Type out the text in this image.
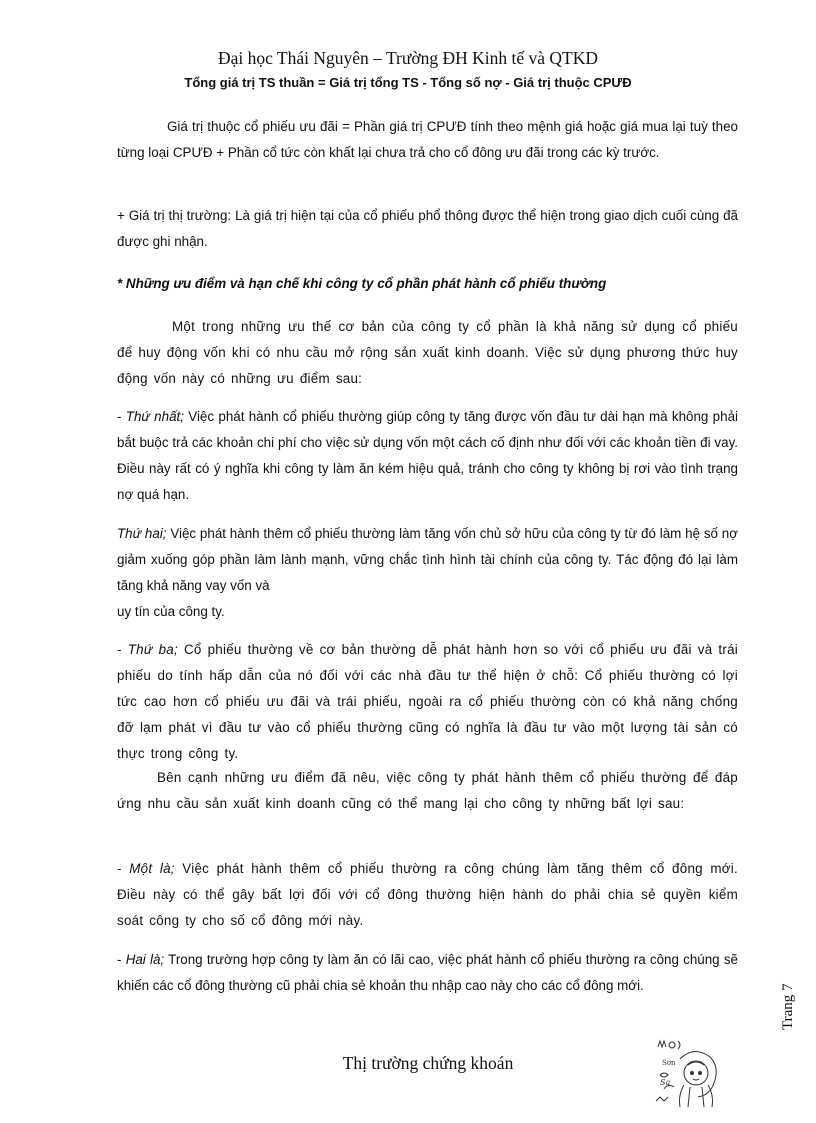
Đại học Thái Nguyên – Trường ĐH Kinh tế và QTKD
Tổng giá trị TS thuần = Giá trị tổng TS - Tổng số nợ - Giá trị thuộc CPƯĐ

Giá trị thuộc cổ phiếu ưu đãi = Phần giá trị CPƯĐ tính theo mệnh giá hoặc giá mua lại tuỳ theo từng loại CPƯĐ + Phần cổ tức còn khất lại chưa trả cho cổ đông ưu đãi trong các kỳ trước.

+ Giá trị thị trường: Là giá trị hiện tại của cổ phiếu phổ thông được thể hiện trong giao dịch cuối cùng đã được ghi nhận.

* Những ưu điểm và hạn chế khi công ty cổ phần phát hành cổ phiếu thường

Một trong những ưu thế cơ bản của công ty cổ phần là khả năng sử dụng cổ phiếu để huy động vốn khi có nhu cầu mở rộng sản xuất kinh doanh. Việc sử dụng phương thức huy động vốn này có những ưu điểm sau:

- Thứ nhất; Việc phát hành cổ phiếu thường giúp công ty tăng được vốn đầu tư dài hạn mà không phải bắt buộc trả các khoản chi phí cho việc sử dụng vốn một cách cố định như đối với các khoản tiền đi vay. Điều này rất có ý nghĩa khi công ty làm ăn kém hiệu quả, tránh cho công ty không bị rơi vào tình trạng nợ quá hạn.

Thứ hai; Việc phát hành thêm cổ phiếu thường làm tăng vốn chủ sở hữu của công ty từ đó làm hệ số nợ giảm xuống góp phần làm lành mạnh, vững chắc tình hình tài chính của công ty. Tác động đó lại làm tăng khả năng vay vốn và

uy tín của công ty.

- Thứ ba; Cổ phiếu thường về cơ bản thường dễ phát hành hơn so với cổ phiếu ưu đãi và trái phiếu do tính hấp dẫn của nó đối với các nhà đầu tư thể hiện ở chỗ: Cổ phiếu thường có lợi tức cao hơn cổ phiếu ưu đãi và trái phiếu, ngoài ra cổ phiếu thường còn có khả năng chống đỡ lạm phát vì đầu tư vào cổ phiếu thường cũng có nghĩa là đầu tư vào một lượng tài sản có thực trong công ty.

Bên cạnh những ưu điểm đã nêu, việc công ty phát hành thêm cổ phiếu thường để đáp ứng nhu cầu sản xuất kinh doanh cũng có thể mang lại cho công ty những bất lợi sau:

- Một là; Việc phát hành thêm cổ phiếu thường ra công chúng làm tăng thêm cổ đông mới. Điều này có thể gây bất lợi đối với cổ đông thường hiện hành do phải chia sẻ quyền kiểm soát công ty cho số cổ đông mới này.

- Hai là; Trong trường hợp công ty làm ăn có lãi cao, việc phát hành cổ phiếu thường ra công chúng sẽ khiến các cổ đông thường cũ phải chia sẻ khoản thu nhập cao này cho các cổ đông mới.	Trang 7
Thị trường chứng khoán	Sơn
Sa
